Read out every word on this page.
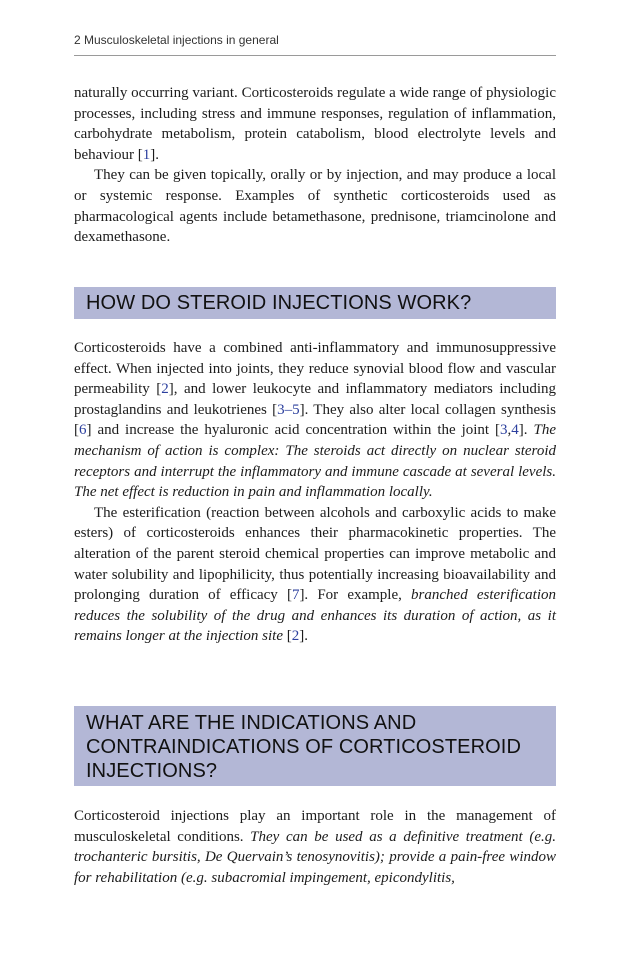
2 Musculoskeletal injections in general

naturally occurring variant. Corticosteroids regulate a wide range of physiologic processes, including stress and immune responses, regulation of inflammation, carbohydrate metabolism, protein catabolism, blood electrolyte levels and behaviour [1].

They can be given topically, orally or by injection, and may produce a local or systemic response. Examples of synthetic corticosteroids used as pharmacological agents include betamethasone, prednisone, triamcinolone and dexamethasone.

HOW DO STEROID INJECTIONS WORK?

Corticosteroids have a combined anti-inflammatory and immunosuppressive effect. When injected into joints, they reduce synovial blood flow and vascular permeability [2], and lower leukocyte and inflammatory mediators including prostaglandins and leukotrienes [3–5]. They also alter local collagen synthesis [6] and increase the hyaluronic acid concentration within the joint [3,4]. The mechanism of action is complex: The steroids act directly on nuclear steroid receptors and interrupt the inflammatory and immune cascade at several levels. The net effect is reduction in pain and inflammation locally.

The esterification (reaction between alcohols and carboxylic acids to make esters) of corticosteroids enhances their pharmacokinetic properties. The alteration of the parent steroid chemical properties can improve metabolic and water solubility and lipophilicity, thus potentially increasing bioavailability and prolonging duration of efficacy [7]. For example, branched esterification reduces the solubility of the drug and enhances its duration of action, as it remains longer at the injection site [2].

WHAT ARE THE INDICATIONS AND
CONTRAINDICATIONS OF CORTICOSTEROID
INJECTIONS?

Corticosteroid injections play an important role in the management of musculoskeletal conditions. They can be used as a definitive treatment (e.g. trochanteric bursitis, De Quervain’s tenosynovitis); provide a pain-free window for rehabilitation (e.g. subacromial impingement, epicondylitis,
